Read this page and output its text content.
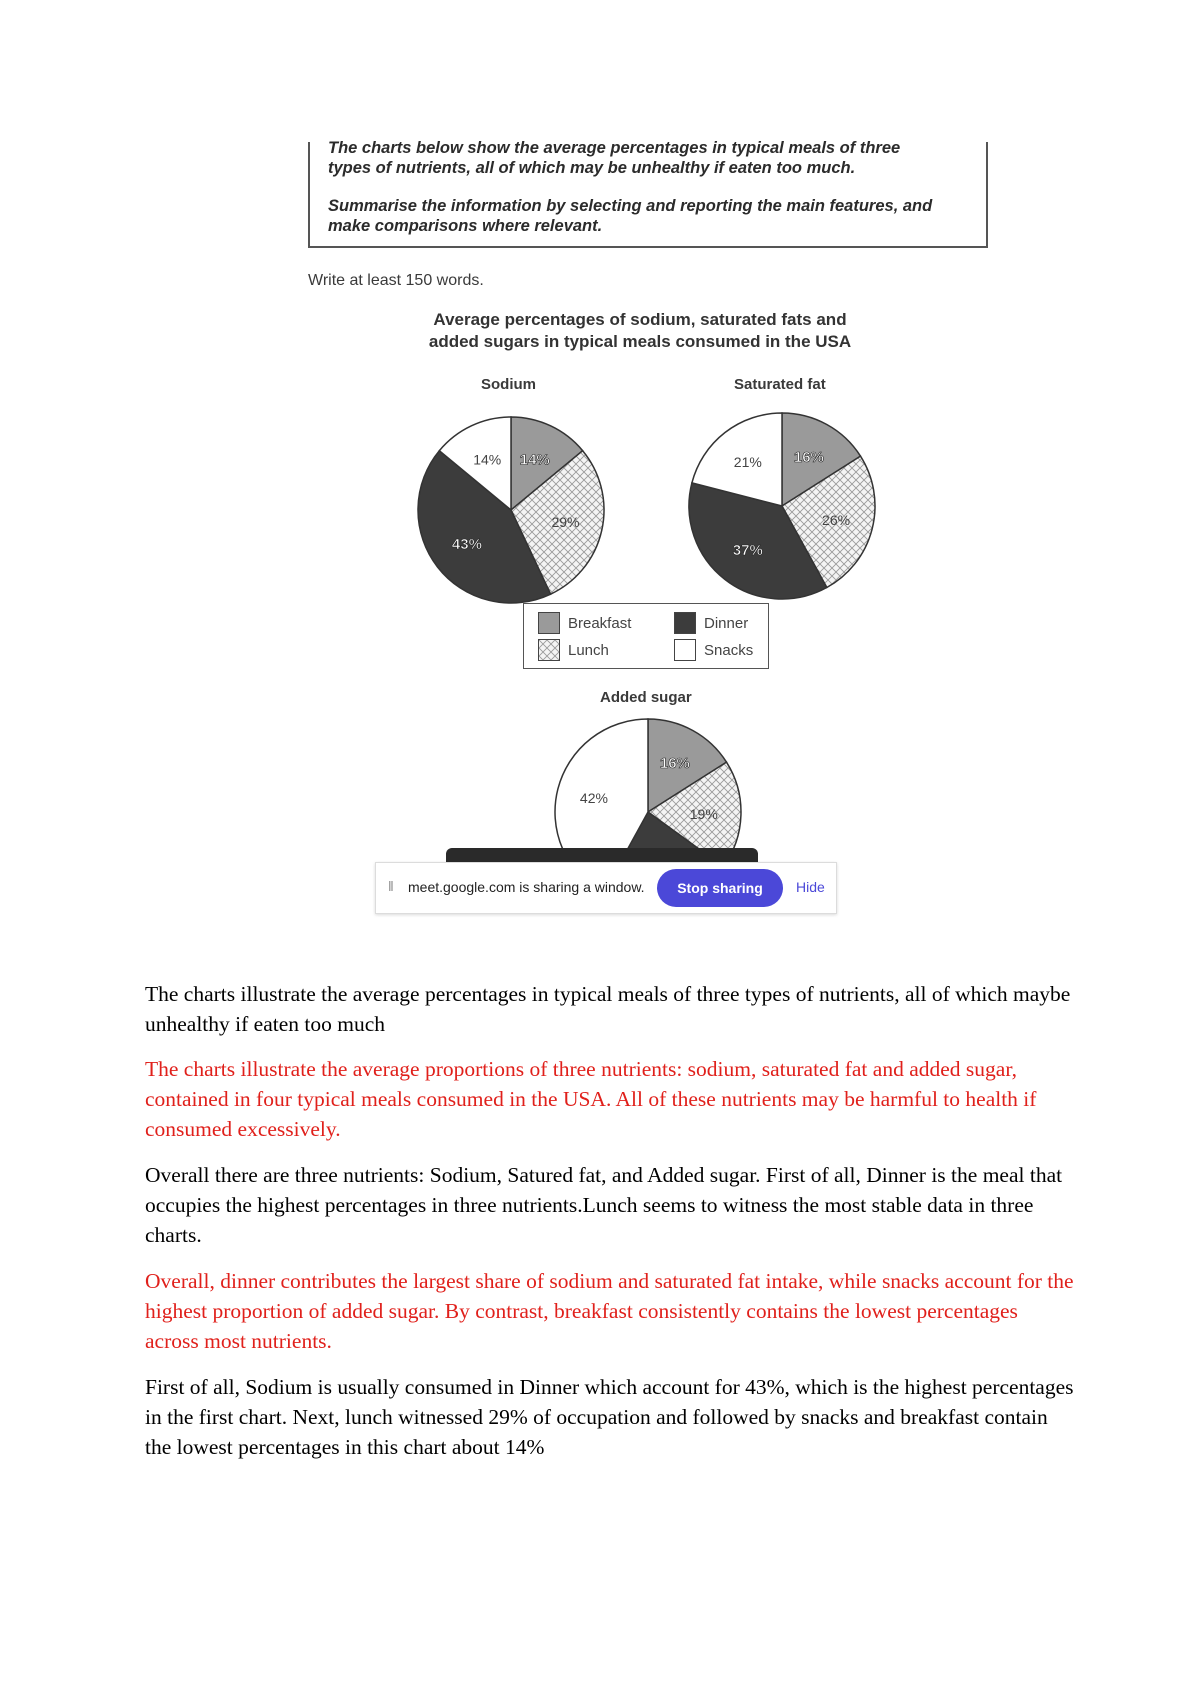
The charts below show the average percentages in typical meals of three
types of nutrients, all of which may be unhealthy if eaten too much.
Summarise the information by selecting and reporting the main features, and
make comparisons where relevant.
Write at least 150 words.
Average percentages of sodium, saturated fats and
added sugars in typical meals consumed in the USA
Sodium	Saturated fat
Added sugar
14%
29%
43%
14%	16%
26%
37%
21%
16%
19%
42%
Breakfast
Lunch
Dinner
Snacks
‖ meet.google.com is sharing a window.	Stop sharing	Hide

The charts illustrate the average percentages in typical meals of three types of nutrients, all of which maybe unhealthy if eaten too much

The charts illustrate the average proportions of three nutrients: sodium, saturated fat and added sugar, contained in four typical meals consumed in the USA. All of these nutrients may be harmful to health if consumed excessively.

Overall there are three nutrients: Sodium, Satured fat, and Added sugar. First of all, Dinner is the meal that occupies the highest percentages in three nutrients.Lunch seems to witness the most stable data in three charts.

Overall, dinner contributes the largest share of sodium and saturated fat intake, while snacks account for the highest proportion of added sugar. By contrast, breakfast consistently contains the lowest percentages across most nutrients.

First of all, Sodium is usually consumed in Dinner which account for 43%, which is the highest percentages in the first chart. Next, lunch witnessed 29% of occupation and followed by snacks and breakfast contain the lowest percentages in this chart about 14%
